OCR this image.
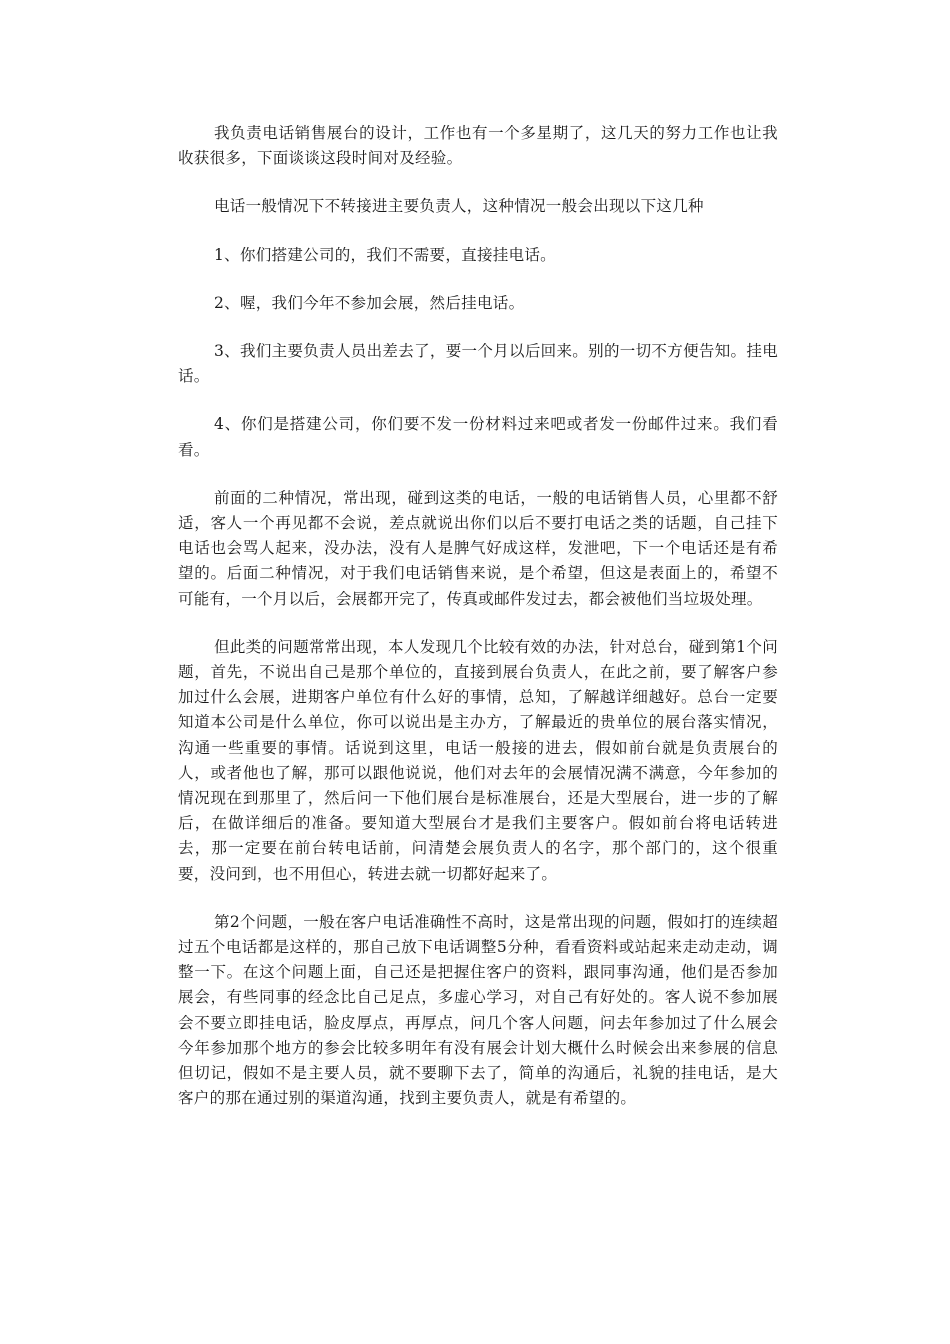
我负责电话销售展台的设计，工作也有一个多星期了，这几天的努力工作也让我收获很多，下面谈谈这段时间对及经验。

电话一般情况下不转接进主要负责人，这种情况一般会出现以下这几种

1、你们搭建公司的，我们不需要，直接挂电话。

2、喔，我们今年不参加会展，然后挂电话。

3、我们主要负责人员出差去了，要一个月以后回来。别的一切不方便告知。挂电话。

4、你们是搭建公司，你们要不发一份材料过来吧或者发一份邮件过来。我们看看。

前面的二种情况，常出现，碰到这类的电话，一般的电话销售人员，心里都不舒适，客人一个再见都不会说，差点就说出你们以后不要打电话之类的话题，自己挂下电话也会骂人起来，没办法，没有人是脾气好成这样，发泄吧，下一个电话还是有希望的。后面二种情况，对于我们电话销售来说，是个希望，但这是表面上的，希望不可能有，一个月以后，会展都开完了，传真或邮件发过去，都会被他们当垃圾处理。

但此类的问题常常出现，本人发现几个比较有效的办法，针对总台，碰到第1个问题，首先，不说出自己是那个单位的，直接到展台负责人，在此之前，要了解客户参加过什么会展，进期客户单位有什么好的事情，总知，了解越详细越好。总台一定要知道本公司是什么单位，你可以说出是主办方，了解最近的贵单位的展台落实情况，沟通一些重要的事情。话说到这里，电话一般接的进去，假如前台就是负责展台的人，或者他也了解，那可以跟他说说，他们对去年的会展情况满不满意，今年参加的情况现在到那里了，然后问一下他们展台是标准展台，还是大型展台，进一步的了解后，在做详细后的准备。要知道大型展台才是我们主要客户。假如前台将电话转进去，那一定要在前台转电话前，问清楚会展负责人的名字，那个部门的，这个很重要，没问到，也不用但心，转进去就一切都好起来了。

第2个问题，一般在客户电话准确性不高时，这是常出现的问题，假如打的连续超过五个电话都是这样的，那自己放下电话调整5分种，看看资料或站起来走动走动，调整一下。在这个问题上面，自己还是把握住客户的资料，跟同事沟通，他们是否参加展会，有些同事的经念比自己足点，多虚心学习，对自己有好处的。客人说不参加展会不要立即挂电话，脸皮厚点，再厚点，问几个客人问题，问去年参加过了什么展会今年参加那个地方的参会比较多明年有没有展会计划大概什么时候会出来参展的信息但切记，假如不是主要人员，就不要聊下去了，简单的沟通后，礼貌的挂电话，是大客户的那在通过别的渠道沟通，找到主要负责人，就是有希望的。
